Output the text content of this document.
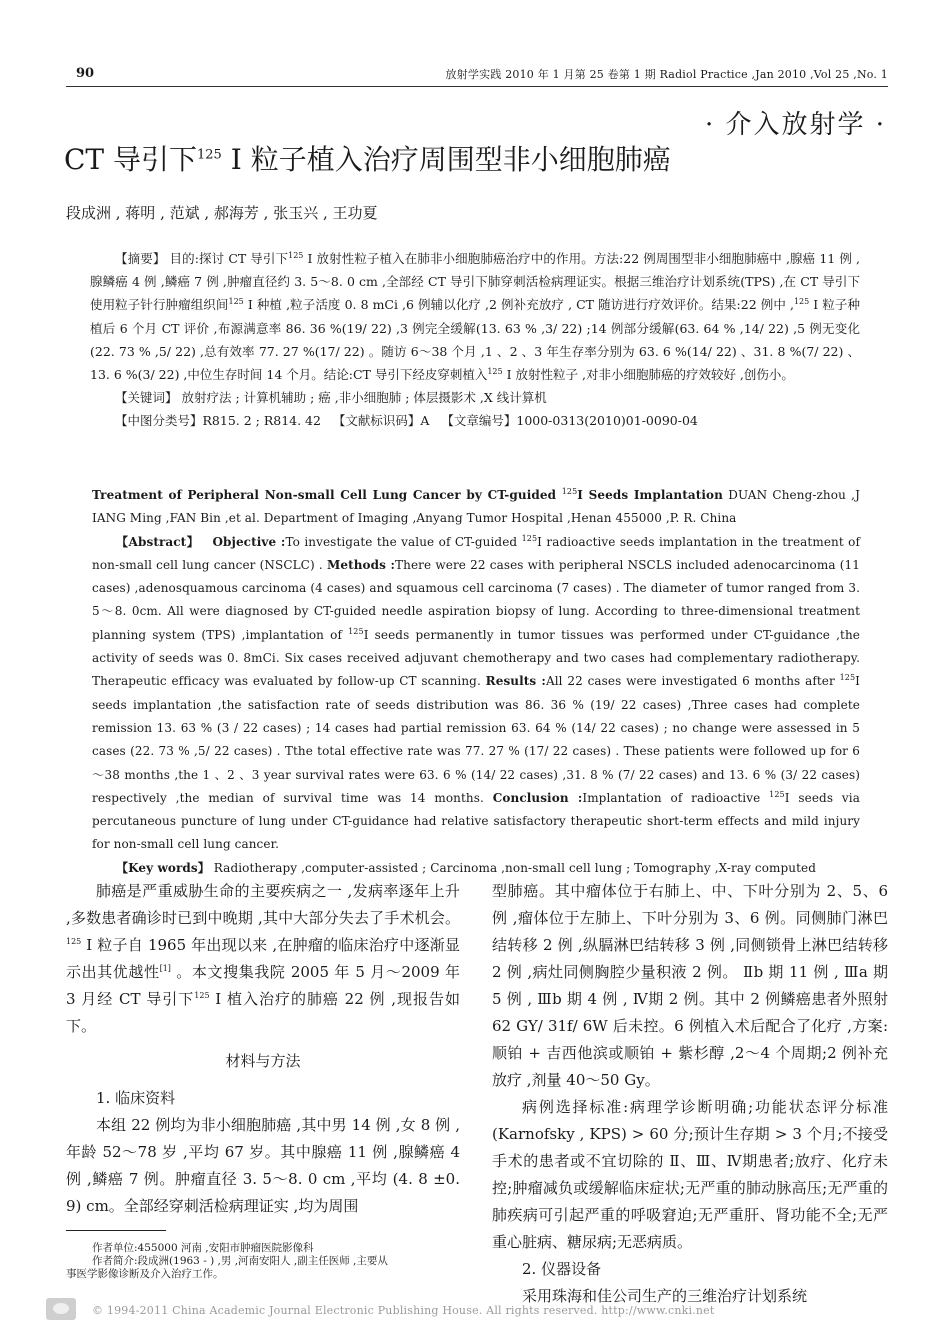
90	放射学实践 2010 年 1 月第 25 卷第 1 期 Radiol Practice ,Jan 2010 ,Vol 25 ,No. 1
· 介入放射学 ·
CT 导引下$^{125}$ I 粒子植入治疗周围型非小细胞肺癌
段成洲 , 蒋明 , 范斌 , 郝海芳 , 张玉兴 , 王功夏

【摘要】 目的:探讨 CT 导引下$^{125}$ I 放射性粒子植入在肺非小细胞肺癌治疗中的作用。方法:22 例周围型非小细胞肺癌中 ,腺癌 11 例 ,腺鳞癌 4 例 ,鳞癌 7 例 ,肿瘤直径约 3. 5～8. 0 cm ,全部经 CT 导引下肺穿刺活检病理证实。根据三维治疗计划系统(TPS) ,在 CT 导引下使用粒子针行肿瘤组织间$^{125}$ I 种植 ,粒子活度 0. 8 mCi ,6 例辅以化疗 ,2 例补充放疗 , CT 随访进行疗效评价。结果:22 例中 ,$^{125}$ I 粒子种植后 6 个月 CT 评价 ,布源满意率 86. 36 %(19/ 22) ,3 例完全缓解(13. 63 % ,3/ 22) ;14 例部分缓解(63. 64 % ,14/ 22) ,5 例无变化(22. 73 % ,5/ 22) ,总有效率 77. 27 %(17/ 22) 。随访 6～38 个月 ,1 、2 、3 年生存率分别为 63. 6 %(14/ 22) 、31. 8 %(7/ 22) 、13. 6 %(3/ 22) ,中位生存时间 14 个月。结论:CT 导引下经皮穿刺植入$^{125}$ I 放射性粒子 ,对非小细胞肺癌的疗效较好 ,创伤小。

【关键词】 放射疗法 ; 计算机辅助 ; 癌 ,非小细胞肺 ; 体层摄影术 ,X 线计算机

【中图分类号】R815. 2 ; R814. 42 【文献标识码】A 【文章编号】1000-0313(2010)01-0090-04

Treatment of Peripheral Non-small Cell Lung Cancer by CT-guided $^{125}$I Seeds Implantation DUAN Cheng-zhou ,J IANG Ming ,FAN Bin ,et al. Department of Imaging ,Anyang Tumor Hospital ,Henan 455000 ,P. R. China

【Abstract】 Objective :To investigate the value of CT-guided $^{125}$I radioactive seeds implantation in the treatment of non-small cell lung cancer (NSCLC) . Methods :There were 22 cases with peripheral NSCLS included adenocarcinoma (11 cases) ,adenosquamous carcinoma (4 cases) and squamous cell carcinoma (7 cases) . The diameter of tumor ranged from 3. 5～8. 0cm. All were diagnosed by CT-guided needle aspiration biopsy of lung. According to three-dimensional treatment planning system (TPS) ,implantation of $^{125}$I seeds permanently in tumor tissues was performed under CT-guidance ,the activity of seeds was 0. 8mCi. Six cases received adjuvant chemotherapy and two cases had complementary radiotherapy. Therapeutic efficacy was evaluated by follow-up CT scanning. Results :All 22 cases were investigated 6 months after $^{125}$I seeds implantation ,the satisfaction rate of seeds distribution was 86. 36 % (19/ 22 cases) ,Three cases had complete remission 13. 63 % (3 / 22 cases) ; 14 cases had partial remission 63. 64 % (14/ 22 cases) ; no change were assessed in 5 cases (22. 73 % ,5/ 22 cases) . Tthe total effective rate was 77. 27 % (17/ 22 cases) . These patients were followed up for 6～38 months ,the 1 、2 、3 year survival rates were 63. 6 % (14/ 22 cases) ,31. 8 % (7/ 22 cases) and 13. 6 % (3/ 22 cases) respectively ,the median of survival time was 14 months. Conclusion :Implantation of radioactive $^{125}$I seeds via percutaneous puncture of lung under CT-guidance had relative satisfactory therapeutic short-term effects and mild injury for non-small cell lung cancer.

【Key words】 Radiotherapy ,computer-assisted ; Carcinoma ,non-small cell lung ; Tomography ,X-ray computed

肺癌是严重威胁生命的主要疾病之一 ,发病率逐年上升 ,多数患者确诊时已到中晚期 ,其中大部分失去了手术机会。$^{125}$ I 粒子自 1965 年出现以来 ,在肿瘤的临床治疗中逐渐显示出其优越性[1] 。本文搜集我院 2005 年 5 月～2009 年 3 月经 CT 导引下$^{125}$ I 植入治疗的肺癌 22 例 ,现报告如下。

材料与方法

1. 临床资料

本组 22 例均为非小细胞肺癌 ,其中男 14 例 ,女 8 例 ,年龄 52～78 岁 ,平均 67 岁。其中腺癌 11 例 ,腺鳞癌 4 例 ,鳞癌 7 例。肿瘤直径 3. 5～8. 0 cm ,平均 (4. 8 ±0. 9) cm。全部经穿刺活检病理证实 ,均为周围

型肺癌。其中瘤体位于右肺上、中、下叶分别为 2、5、6 例 ,瘤体位于左肺上、下叶分别为 3、6 例。同侧肺门淋巴结转移 2 例 ,纵膈淋巴结转移 3 例 ,同侧锁骨上淋巴结转移 2 例 ,病灶同侧胸腔少量积液 2 例。 Ⅱb 期 11 例 , Ⅲa 期 5 例 , Ⅲb 期 4 例 , Ⅳ期 2 例。其中 2 例鳞癌患者外照射 62 GY/ 31f/ 6W 后未控。6 例植入术后配合了化疗 ,方案:顺铂 + 吉西他滨或顺铂 + 紫杉醇 ,2～4 个周期;2 例补充放疗 ,剂量 40～50 Gy。

病例选择标准:病理学诊断明确;功能状态评分标准(Karnofsky , KPS) > 60 分;预计生存期 > 3 个月;不接受手术的患者或不宜切除的 Ⅱ、Ⅲ、Ⅳ期患者;放疗、化疗未控;肿瘤减负或缓解临床症状;无严重的肺动脉高压;无严重的肺疾病可引起严重的呼吸窘迫;无严重肝、肾功能不全;无严重心脏病、糖尿病;无恶病质。

2. 仪器设备

采用珠海和佳公司生产的三维治疗计划系统

作者单位:455000 河南 ,安阳市肿瘤医院影像科

作者简介:段成洲(1963 - ) ,男 ,河南安阳人 ,副主任医师 ,主要从

事医学影像诊断及介入治疗工作。

© 1994-2011 China Academic Journal Electronic Publishing House. All rights reserved. http://www.cnki.net
